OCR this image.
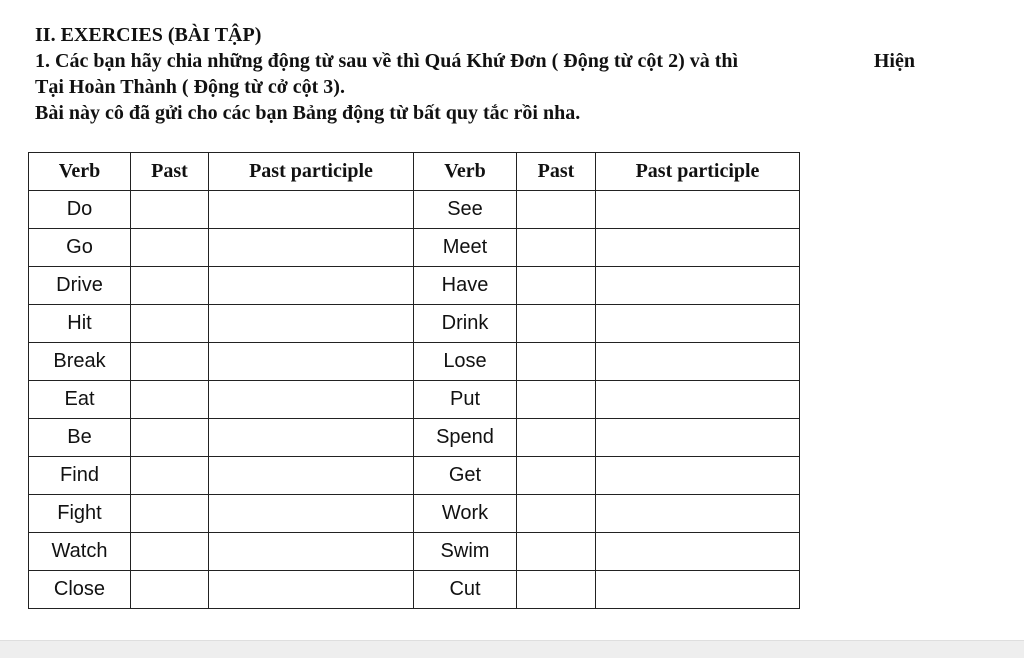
II. EXERCIES (BÀI TẬP)
1. Các bạn hãy chia những động từ sau về thì Quá Khứ Đơn ( Động từ cột 2) và thì	Hiện
Tại Hoàn Thành ( Động từ cở cột 3).
Bài này cô đã gửi cho các bạn Bảng động từ bất quy tắc rồi nha.
Verb	Past	Past participle	Verb	Past	Past participle
Do			See		
Go			Meet		
Drive			Have		
Hit			Drink		
Break			Lose		
Eat			Put		
Be			Spend		
Find			Get		
Fight			Work		
Watch			Swim		
Close			Cut		
